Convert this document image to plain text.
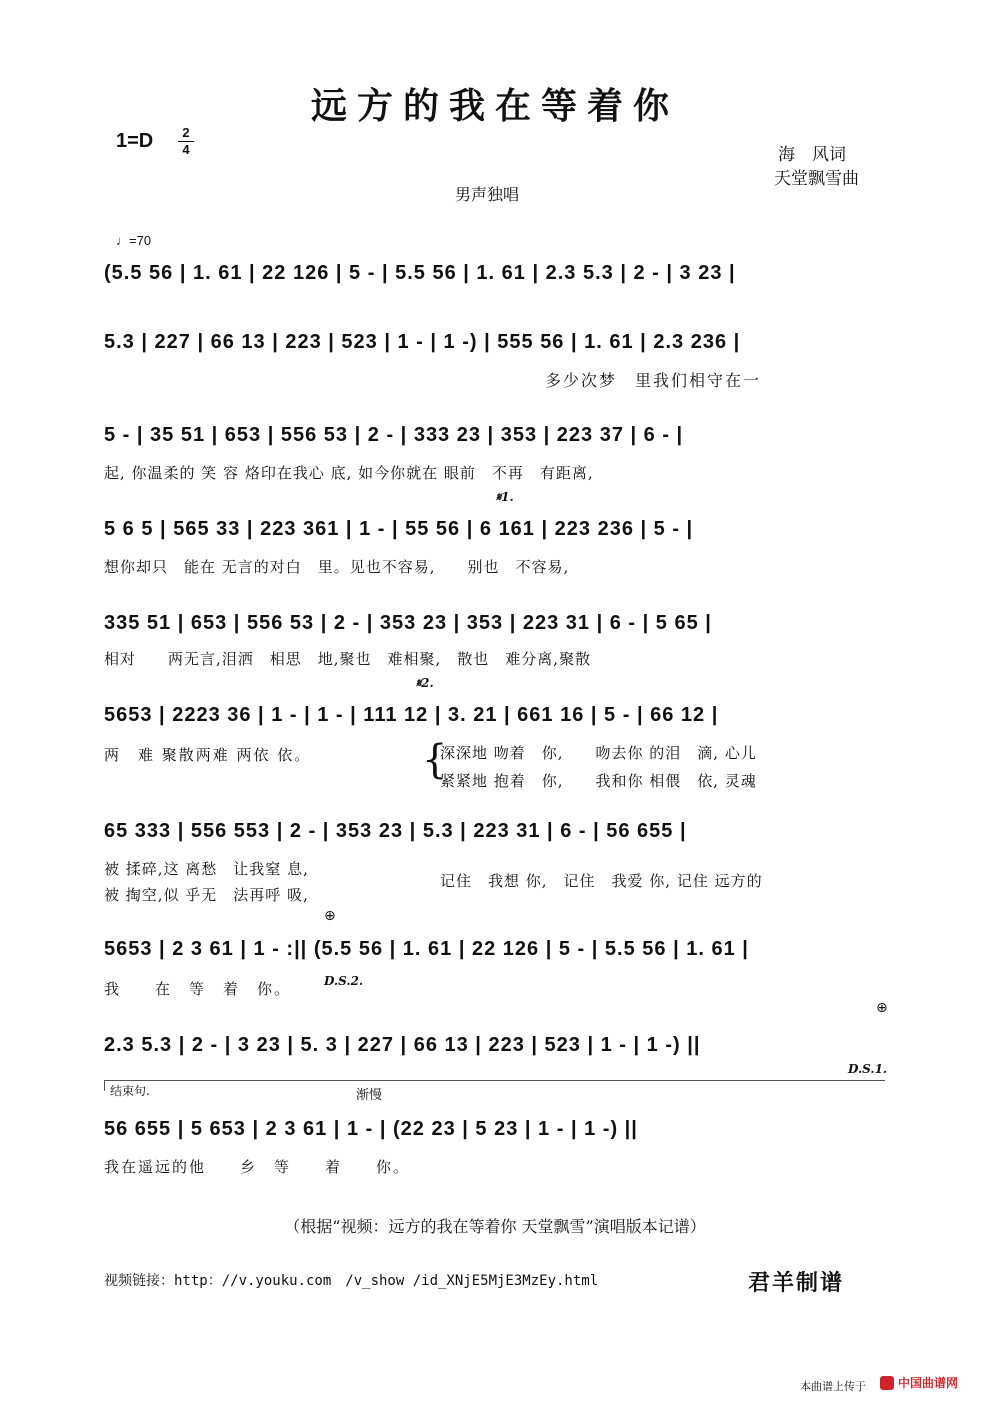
远方的我在等着你
1=D	2
4	海　风词
天堂飘雪曲
男声独唱
♩=70
(5.5 56 | 1. 61 | 22 126 | 5 - | 5.5 56 | 1. 61 | 2.3 5.3 | 2 - | 3 23 |
5.3 | 227 | 66 13 | 223 | 523 | 1 - | 1 -) | 555 56 | 1. 61 | 2.3 236 |
多少次梦　里我们相守在一
5 - | 35 51 | 653 | 556 53 | 2 - | 333 23 | 353 | 223 37 | 6 - |
起, 你温柔的 笑 容 烙印在我心 底, 如今你就在 眼前　不再　有距离,
𝄋1.
5 6 5 | 565 33 | 223 361 | 1 - | 55 56 | 6 161 | 223 236 | 5 - |
想你却只　能在 无言的对白　里。见也不容易,　　别也　不容易,
335 51 | 653 | 556 53 | 2 - | 353 23 | 353 | 223 31 | 6 - | 5 65 |
相对　　两无言,泪洒　相思　地,聚也　难相聚,　散也　难分离,聚散
𝄋2.
5653 | 2223 36 | 1 - | 1 - | 111 12 | 3. 21 | 661 16 | 5 - | 66 12 |
两　难 聚散两难 两依 依。	{
深深地 吻着　你,　　吻去你 的泪　滴, 心儿
紧紧地 抱着　你,　　我和你 相偎　依, 灵魂
65 333 | 556 553 | 2 - | 353 23 | 5.3 | 223 31 | 6 - | 56 655 |
被 揉碎,这 离愁　让我窒 息,
被 掏空,似 乎无　法再呼 吸,
记住　我想 你,　记住　我爱 你, 记住 远方的
⊕
5653 | 2 3 61 | 1 - :|| (5.5 56 | 1. 61 | 22 126 | 5 - | 5.5 56 | 1. 61 |
我　　在　等　着　你。	D.S.2.
⊕
2.3 5.3 | 2 - | 3 23 | 5. 3 | 227 | 66 13 | 223 | 523 | 1 - | 1 -) ||
D.S.1.
结束句.	渐慢
56 655 | 5 653 | 2 3 61 | 1 - | (22 23 | 5 23 | 1 - | 1 -) ||
我在遥远的他　　乡　等　　着　　你。
（根据“视频：远方的我在等着你 天堂飘雪”演唱版本记谱）
视频链接：http：//v.youku.com　/v_show /id_XNjE5MjE3MzEy.html	君羊制谱
本曲谱上传于	中国曲谱网
